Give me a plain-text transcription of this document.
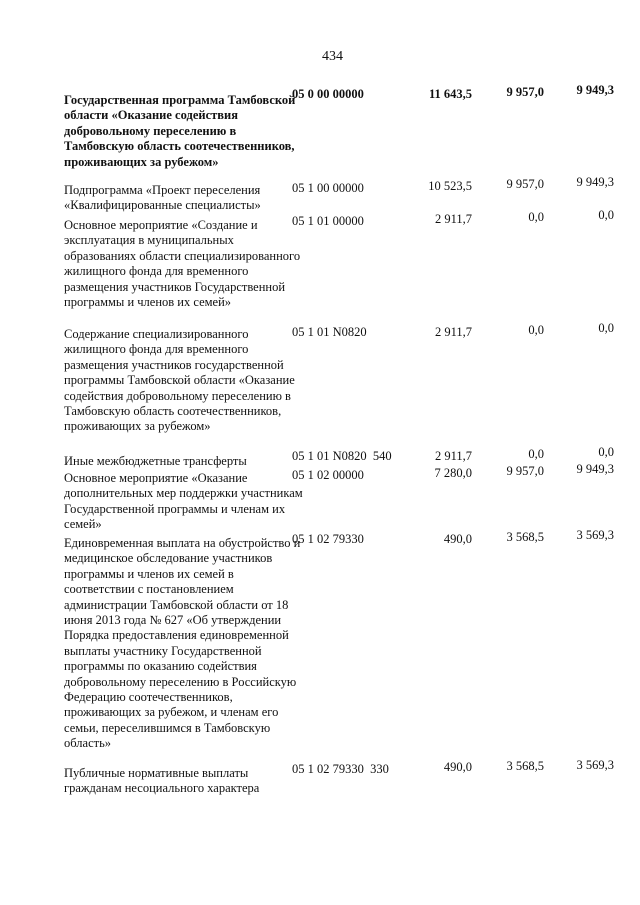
434
Государственная программа Тамбовской области «Оказание содействия добровольному переселению в Тамбовскую область соотечественников, проживающих за рубежом»
05 0 00 00000	11 643,5	9 957,0	9 949,3
Подпрограмма «Проект переселения «Квалифицированные специалисты»
05 1 00 00000	10 523,5	9 957,0	9 949,3
Основное мероприятие «Создание и эксплуатация в муниципальных образованиях области специализированного жилищного фонда для временного размещения участников Государственной программы и членов их семей»
05 1 01 00000	2 911,7	0,0	0,0
Содержание специализированного жилищного фонда для временного размещения участников государственной программы Тамбовской области «Оказание содействия добровольному переселению в Тамбовскую область соотечественников, проживающих за рубежом»
05 1 01 N0820	2 911,7	0,0	0,0
Иные межбюджетные трансферты	05 1 01 N0820  540	2 911,7	0,0	0,0
Основное мероприятие «Оказание дополнительных мер поддержки участникам Государственной программы и членам их семей»
05 1 02 00000	7 280,0	9 957,0	9 949,3
Единовременная выплата на обустройство и медицинское обследование участников программы и членов их семей в соответствии с постановлением администрации Тамбовской области от 18 июня 2013 года № 627 «Об утверждении Порядка предоставления единовременной выплаты участнику Государственной программы по оказанию содействия добровольному переселению в Российскую Федерацию соотечественников, проживающих за рубежом, и членам его семьи, переселившимся в Тамбовскую область»
05 1 02 79330	490,0	3 568,5	3 569,3
Публичные нормативные выплаты гражданам несоциального характера
05 1 02 79330  330	490,0	3 568,5	3 569,3
